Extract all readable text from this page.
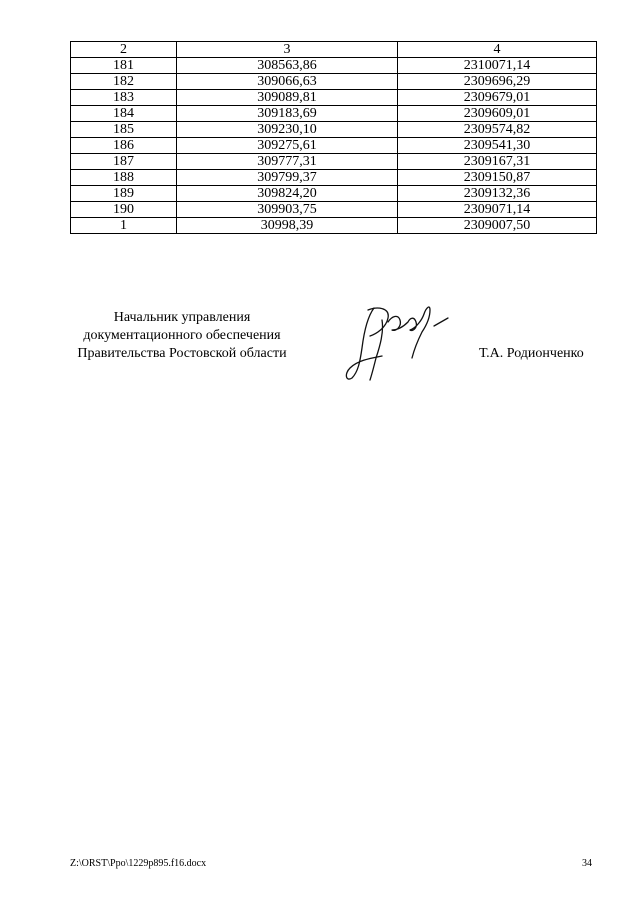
2	3	4
181	308563,86	2310071,14
182	309066,63	2309696,29
183	309089,81	2309679,01
184	309183,69	2309609,01
185	309230,10	2309574,82
186	309275,61	2309541,30
187	309777,31	2309167,31
188	309799,37	2309150,87
189	309824,20	2309132,36
190	309903,75	2309071,14
1	30998,39	2309007,50
Начальник управления
документационного обеспечения
Правительства Ростовской области	Т.А. Родионченко
Z:\ORST\Ppo\1229p895.f16.docx	34
